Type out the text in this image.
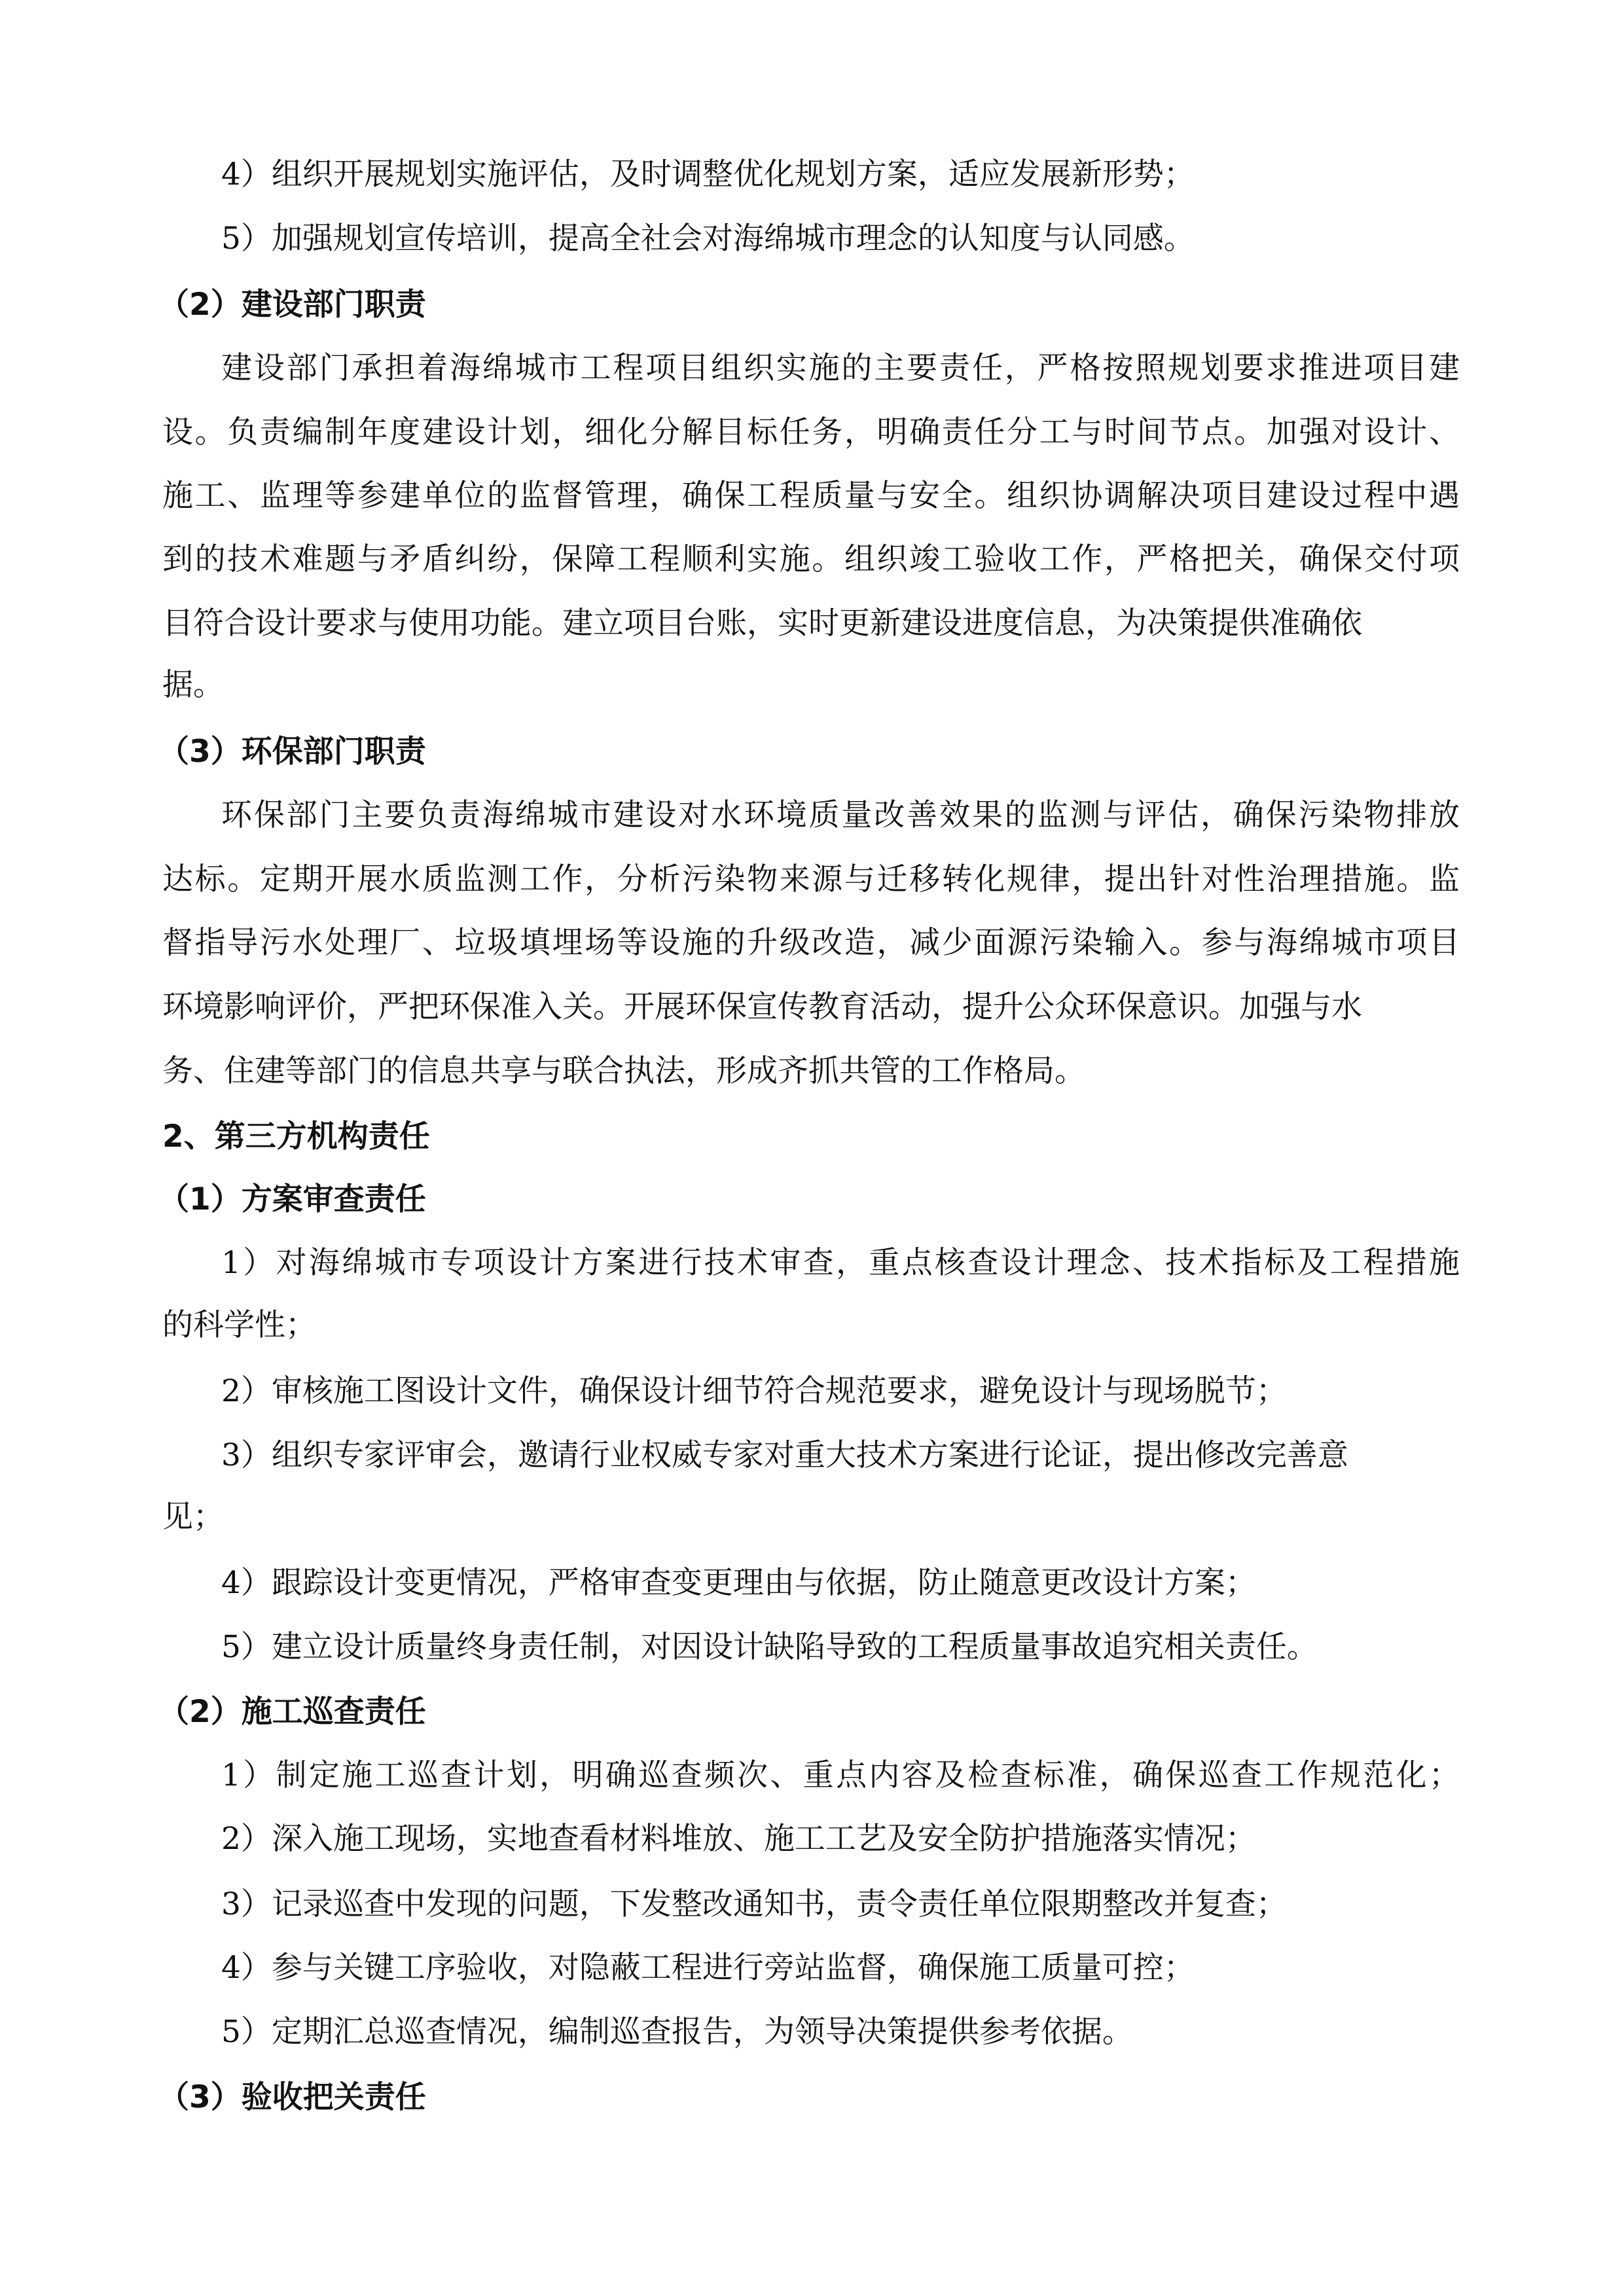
4）组织开展规划实施评估，及时调整优化规划方案，适应发展新形势；
5）加强规划宣传培训，提高全社会对海绵城市理念的认知度与认同感。
（2）建设部门职责
建设部门承担着海绵城市工程项目组织实施的主要责任，严格按照规划要求推进项目建
设。负责编制年度建设计划，细化分解目标任务，明确责任分工与时间节点。加强对设计、
施工、监理等参建单位的监督管理，确保工程质量与安全。组织协调解决项目建设过程中遇
到的技术难题与矛盾纠纷，保障工程顺利实施。组织竣工验收工作，严格把关，确保交付项
目符合设计要求与使用功能。建立项目台账，实时更新建设进度信息，为决策提供准确依
据。
（3）环保部门职责
环保部门主要负责海绵城市建设对水环境质量改善效果的监测与评估，确保污染物排放
达标。定期开展水质监测工作，分析污染物来源与迁移转化规律，提出针对性治理措施。监
督指导污水处理厂、垃圾填埋场等设施的升级改造，减少面源污染输入。参与海绵城市项目
环境影响评价，严把环保准入关。开展环保宣传教育活动，提升公众环保意识。加强与水
务、住建等部门的信息共享与联合执法，形成齐抓共管的工作格局。
2、第三方机构责任
（1）方案审查责任
1）对海绵城市专项设计方案进行技术审查，重点核查设计理念、技术指标及工程措施
的科学性；
2）审核施工图设计文件，确保设计细节符合规范要求，避免设计与现场脱节；
3）组织专家评审会，邀请行业权威专家对重大技术方案进行论证，提出修改完善意
见；
4）跟踪设计变更情况，严格审查变更理由与依据，防止随意更改设计方案；
5）建立设计质量终身责任制，对因设计缺陷导致的工程质量事故追究相关责任。
（2）施工巡查责任
1）制定施工巡查计划，明确巡查频次、重点内容及检查标准，确保巡查工作规范化；
2）深入施工现场，实地查看材料堆放、施工工艺及安全防护措施落实情况；
3）记录巡查中发现的问题，下发整改通知书，责令责任单位限期整改并复查；
4）参与关键工序验收，对隐蔽工程进行旁站监督，确保施工质量可控；
5）定期汇总巡查情况，编制巡查报告，为领导决策提供参考依据。
（3）验收把关责任
